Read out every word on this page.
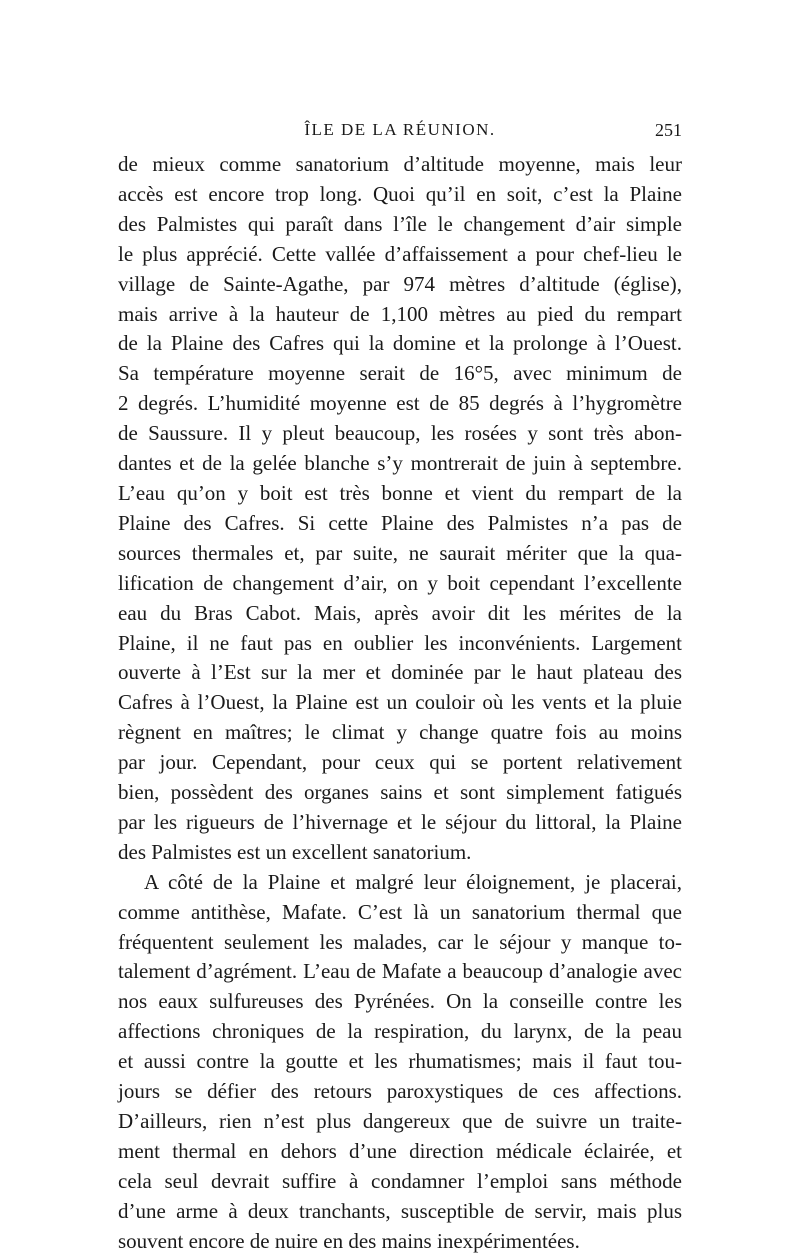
ÎLE DE LA RÉUNION.	251

de mieux comme sanatorium d’altitude moyenne, mais leur
accès est encore trop long. Quoi qu’il en soit, c’est la Plaine
des Palmistes qui paraît dans l’île le changement d’air simple
le plus apprécié. Cette vallée d’affaissement a pour chef-lieu le
village de Sainte-Agathe, par 974 mètres d’altitude (église),
mais arrive à la hauteur de 1,100 mètres au pied du rempart
de la Plaine des Cafres qui la domine et la prolonge à l’Ouest.
Sa température moyenne serait de 16°5, avec minimum de
2 degrés. L’humidité moyenne est de 85 degrés à l’hygromètre
de Saussure. Il y pleut beaucoup, les rosées y sont très abon-
dantes et de la gelée blanche s’y montrerait de juin à septembre.
L’eau qu’on y boit est très bonne et vient du rempart de la
Plaine des Cafres. Si cette Plaine des Palmistes n’a pas de
sources thermales et, par suite, ne saurait mériter que la qua-
lification de changement d’air, on y boit cependant l’excellente
eau du Bras Cabot. Mais, après avoir dit les mérites de la
Plaine, il ne faut pas en oublier les inconvénients. Largement
ouverte à l’Est sur la mer et dominée par le haut plateau des
Cafres à l’Ouest, la Plaine est un couloir où les vents et la pluie
règnent en maîtres; le climat y change quatre fois au moins
par jour. Cependant, pour ceux qui se portent relativement
bien, possèdent des organes sains et sont simplement fatigués
par les rigueurs de l’hivernage et le séjour du littoral, la Plaine
des Palmistes est un excellent sanatorium.

A côté de la Plaine et malgré leur éloignement, je placerai,
comme antithèse, Mafate. C’est là un sanatorium thermal que
fréquentent seulement les malades, car le séjour y manque to-
talement d’agrément. L’eau de Mafate a beaucoup d’analogie avec
nos eaux sulfureuses des Pyrénées. On la conseille contre les
affections chroniques de la respiration, du larynx, de la peau
et aussi contre la goutte et les rhumatismes; mais il faut tou-
jours se défier des retours paroxystiques de ces affections.
D’ailleurs, rien n’est plus dangereux que de suivre un traite-
ment thermal en dehors d’une direction médicale éclairée, et
cela seul devrait suffire à condamner l’emploi sans méthode
d’une arme à deux tranchants, susceptible de servir, mais plus
souvent encore de nuire en des mains inexpérimentées.
